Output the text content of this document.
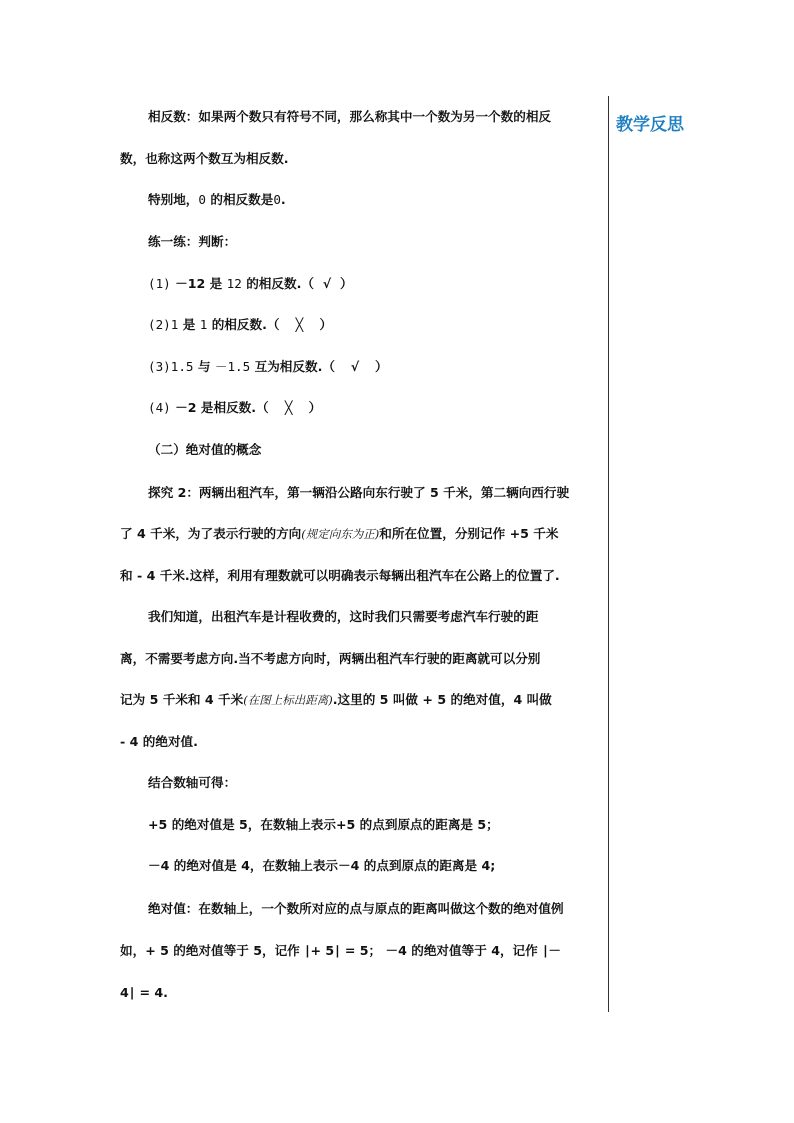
教学反思
相反数：如果两个数只有符号不同，那么称其中一个数为另一个数的相反
数，也称这两个数互为相反数.
特别地，0 的相反数是0.
练一练：判断：
(1) －12 是 12 的相反数.（ √ ）
(2)1 是 1 的相反数.（ ╳ ）
(3)1.5 与 －1.5 互为相反数.（ √ ）
(4) －2 是相反数.（ ╳ ）
（二）绝对值的概念
探究 2：两辆出租汽车，第一辆沿公路向东行驶了 5 千米，第二辆向西行驶
了 4 千米，为了表示行驶的方向(规定向东为正)和所在位置，分别记作 +5 千米
和 - 4 千米.这样，利用有理数就可以明确表示每辆出租汽车在公路上的位置了.
我们知道，出租汽车是计程收费的，这时我们只需要考虑汽车行驶的距
离，不需要考虑方向.当不考虑方向时，两辆出租汽车行驶的距离就可以分别
记为 5 千米和 4 千米(在图上标出距离).这里的 5 叫做 + 5 的绝对值，4 叫做
- 4 的绝对值.
结合数轴可得：
+5 的绝对值是 5，在数轴上表示+5 的点到原点的距离是 5；
－4 的绝对值是 4，在数轴上表示－4 的点到原点的距离是 4;
绝对值：在数轴上，一个数所对应的点与原点的距离叫做这个数的绝对值例
如，+ 5 的绝对值等于 5，记作 ∣+ 5∣ = 5； －4 的绝对值等于 4，记作 ∣－
4∣ = 4.
